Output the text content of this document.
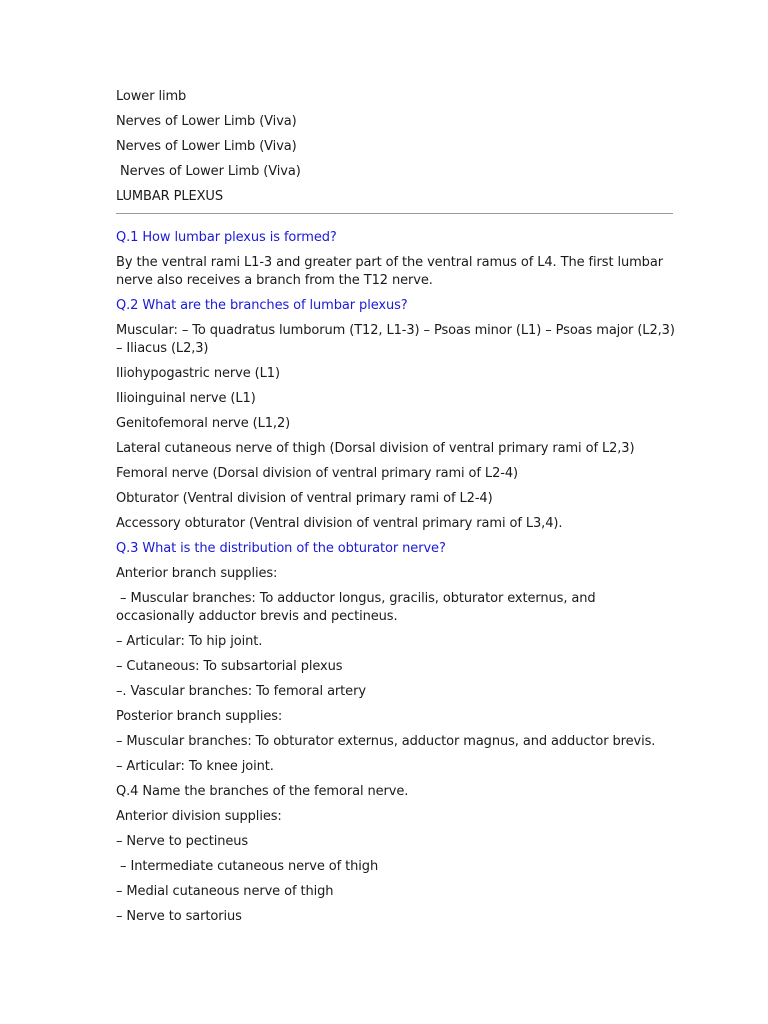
Lower limb
Nerves of Lower Limb (Viva)
Nerves of Lower Limb (Viva)
Nerves of Lower Limb (Viva)
LUMBAR PLEXUS
Q.1 How lumbar plexus is formed?
By the ventral rami L1-3 and greater part of the ventral ramus of L4. The first lumbar nerve also receives a branch from the T12 nerve.
Q.2 What are the branches of lumbar plexus?
Muscular: – To quadratus lumborum (T12, L1-3) – Psoas minor (L1) – Psoas major (L2,3) – Iliacus (L2,3)
Iliohypogastric nerve (L1)
Ilioinguinal nerve (L1)
Genitofemoral nerve (L1,2)
Lateral cutaneous nerve of thigh (Dorsal division of ventral primary rami of L2,3)
Femoral nerve (Dorsal division of ventral primary rami of L2-4)
Obturator (Ventral division of ventral primary rami of L2-4)
Accessory obturator (Ventral division of ventral primary rami of L3,4).
Q.3 What is the distribution of the obturator nerve?
Anterior branch supplies:
– Muscular branches: To adductor longus, gracilis, obturator externus, and occasionally adductor brevis and pectineus.
– Articular: To hip joint.
– Cutaneous: To subsartorial plexus
–. Vascular branches: To femoral artery
Posterior branch supplies:
– Muscular branches: To obturator externus, adductor magnus, and adductor brevis.
– Articular: To knee joint.
Q.4 Name the branches of the femoral nerve.
Anterior division supplies:
– Nerve to pectineus
– Intermediate cutaneous nerve of thigh
– Medial cutaneous nerve of thigh
– Nerve to sartorius
